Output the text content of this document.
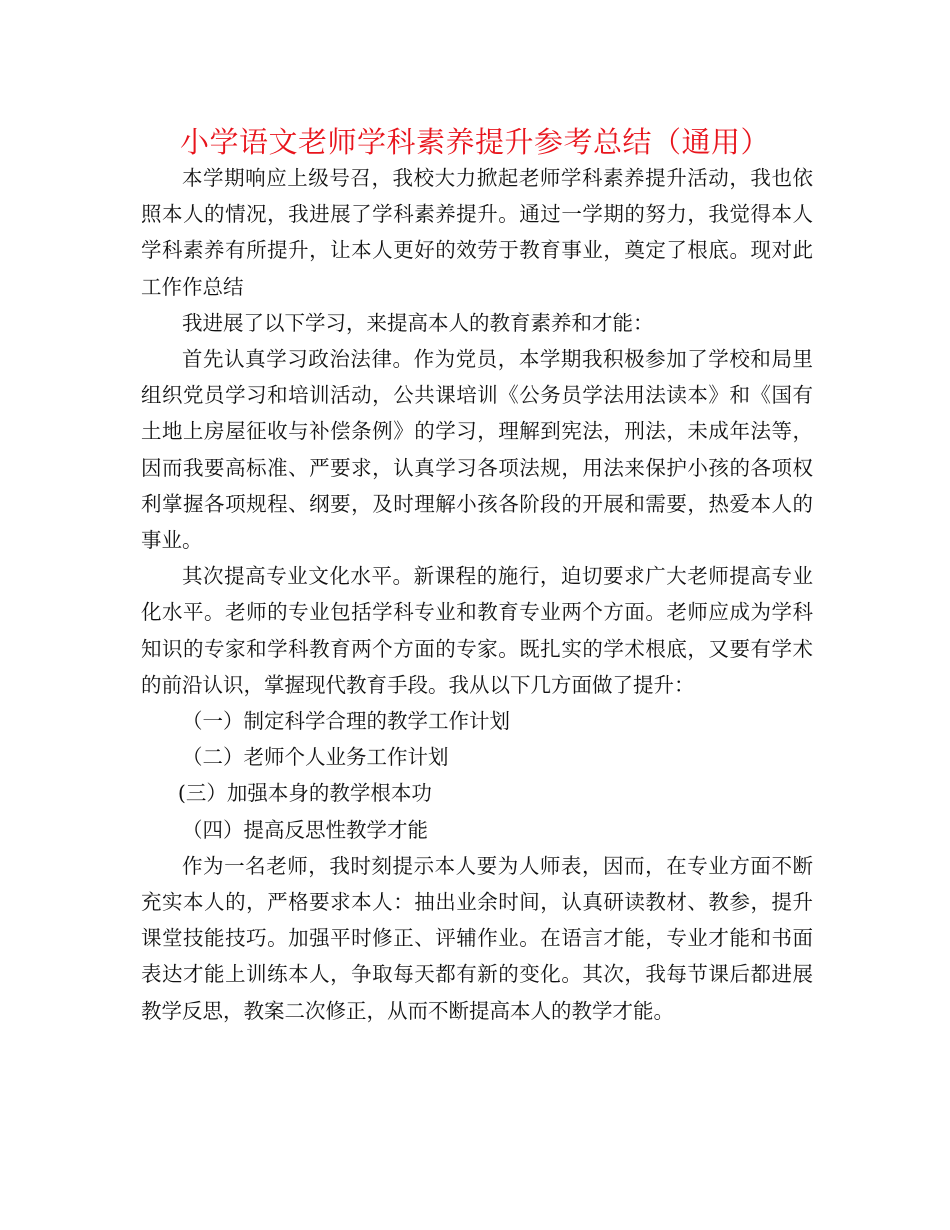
小学语文老师学科素养提升参考总结（通用）

本学期响应上级号召，我校大力掀起老师学科素养提升活动，我也依照本人的情况，我进展了学科素养提升。通过一学期的努力，我觉得本人学科素养有所提升，让本人更好的效劳于教育事业，奠定了根底。现对此工作作总结

我进展了以下学习，来提高本人的教育素养和才能：

首先认真学习政治法律。作为党员，本学期我积极参加了学校和局里组织党员学习和培训活动，公共课培训《公务员学法用法读本》和《国有土地上房屋征收与补偿条例》的学习，理解到宪法，刑法，未成年法等，因而我要高标准、严要求，认真学习各项法规，用法来保护小孩的各项权利掌握各项规程、纲要，及时理解小孩各阶段的开展和需要，热爱本人的事业。

其次提高专业文化水平。新课程的施行，迫切要求广大老师提高专业化水平。老师的专业包括学科专业和教育专业两个方面。老师应成为学科知识的专家和学科教育两个方面的专家。既扎实的学术根底，又要有学术的前沿认识，掌握现代教育手段。我从以下几方面做了提升：

（一）制定科学合理的教学工作计划

（二）老师个人业务工作计划

(三）加强本身的教学根本功

（四）提高反思性教学才能

作为一名老师，我时刻提示本人要为人师表，因而，在专业方面不断充实本人的，严格要求本人：抽出业余时间，认真研读教材、教参，提升课堂技能技巧。加强平时修正、评辅作业。在语言才能，专业才能和书面表达才能上训练本人，争取每天都有新的变化。其次，我每节课后都进展教学反思，教案二次修正，从而不断提高本人的教学才能。
